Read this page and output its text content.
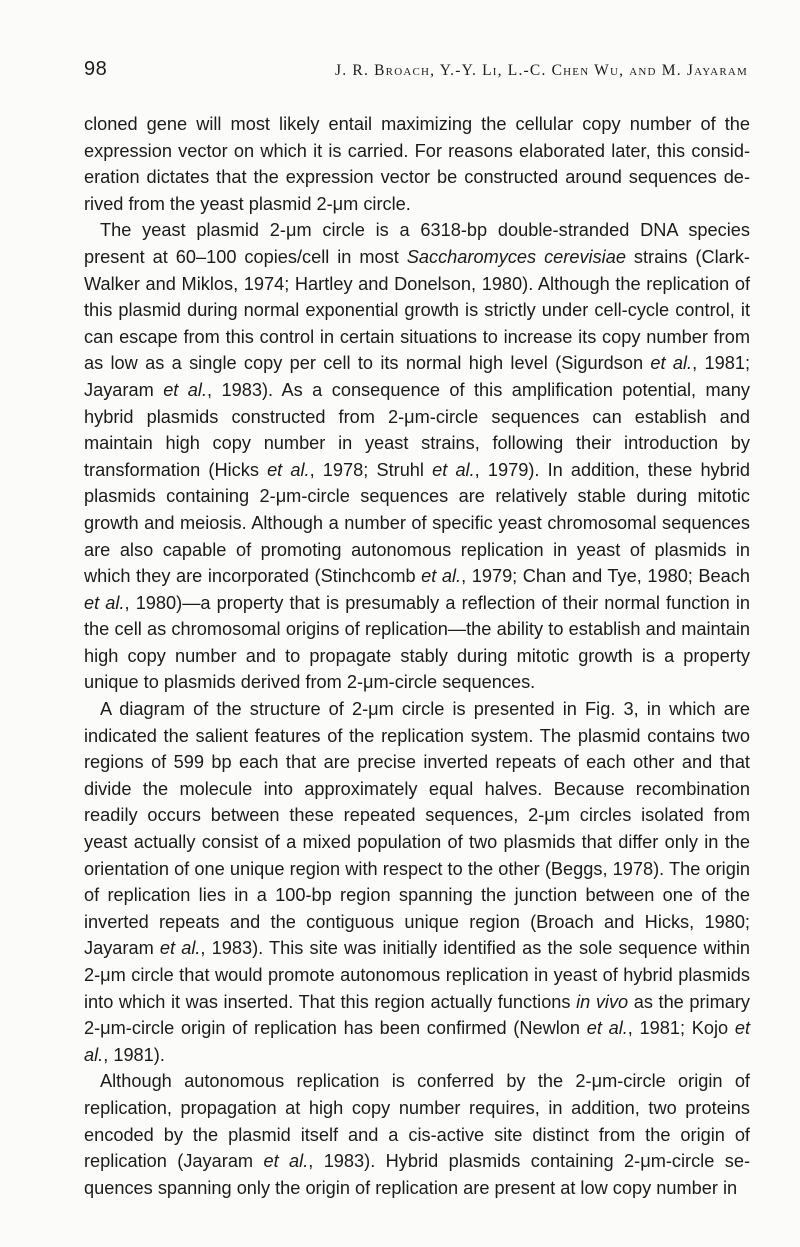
98	J. R. Broach, Y.-Y. Li, L.-C. Chen Wu, and M. Jayaram

cloned gene will most likely entail maximizing the cellular copy number of the expression vector on which it is carried. For reasons elaborated later, this consideration dictates that the expression vector be constructed around sequences derived from the yeast plasmid 2-μm circle.

The yeast plasmid 2-μm circle is a 6318-bp double-stranded DNA species present at 60–100 copies/cell in most Saccharomyces cerevisiae strains (Clark-Walker and Miklos, 1974; Hartley and Donelson, 1980). Although the replication of this plasmid during normal exponential growth is strictly under cell-cycle control, it can escape from this control in certain situations to increase its copy number from as low as a single copy per cell to its normal high level (Sigurdson et al., 1981; Jayaram et al., 1983). As a consequence of this amplification potential, many hybrid plasmids constructed from 2-μm-circle sequences can establish and maintain high copy number in yeast strains, following their introduction by transformation (Hicks et al., 1978; Struhl et al., 1979). In addition, these hybrid plasmids containing 2-μm-circle sequences are relatively stable during mitotic growth and meiosis. Although a number of specific yeast chromosomal sequences are also capable of promoting autonomous replication in yeast of plasmids in which they are incorporated (Stinchcomb et al., 1979; Chan and Tye, 1980; Beach et al., 1980)—a property that is presumably a reflection of their normal function in the cell as chromosomal origins of replication—the ability to establish and maintain high copy number and to propagate stably during mitotic growth is a property unique to plasmids derived from 2-μm-circle sequences.

A diagram of the structure of 2-μm circle is presented in Fig. 3, in which are indicated the salient features of the replication system. The plasmid contains two regions of 599 bp each that are precise inverted repeats of each other and that divide the molecule into approximately equal halves. Because recombination readily occurs between these repeated sequences, 2-μm circles isolated from yeast actually consist of a mixed population of two plasmids that differ only in the orientation of one unique region with respect to the other (Beggs, 1978). The origin of replication lies in a 100-bp region spanning the junction between one of the inverted repeats and the contiguous unique region (Broach and Hicks, 1980; Jayaram et al., 1983). This site was initially identified as the sole sequence within 2-μm circle that would promote autonomous replication in yeast of hybrid plasmids into which it was inserted. That this region actually functions in vivo as the primary 2-μm-circle origin of replication has been confirmed (Newlon et al., 1981; Kojo et al., 1981).

Although autonomous replication is conferred by the 2-μm-circle origin of replication, propagation at high copy number requires, in addition, two proteins encoded by the plasmid itself and a cis-active site distinct from the origin of replication (Jayaram et al., 1983). Hybrid plasmids containing 2-μm-circle sequences spanning only the origin of replication are present at low copy number in
